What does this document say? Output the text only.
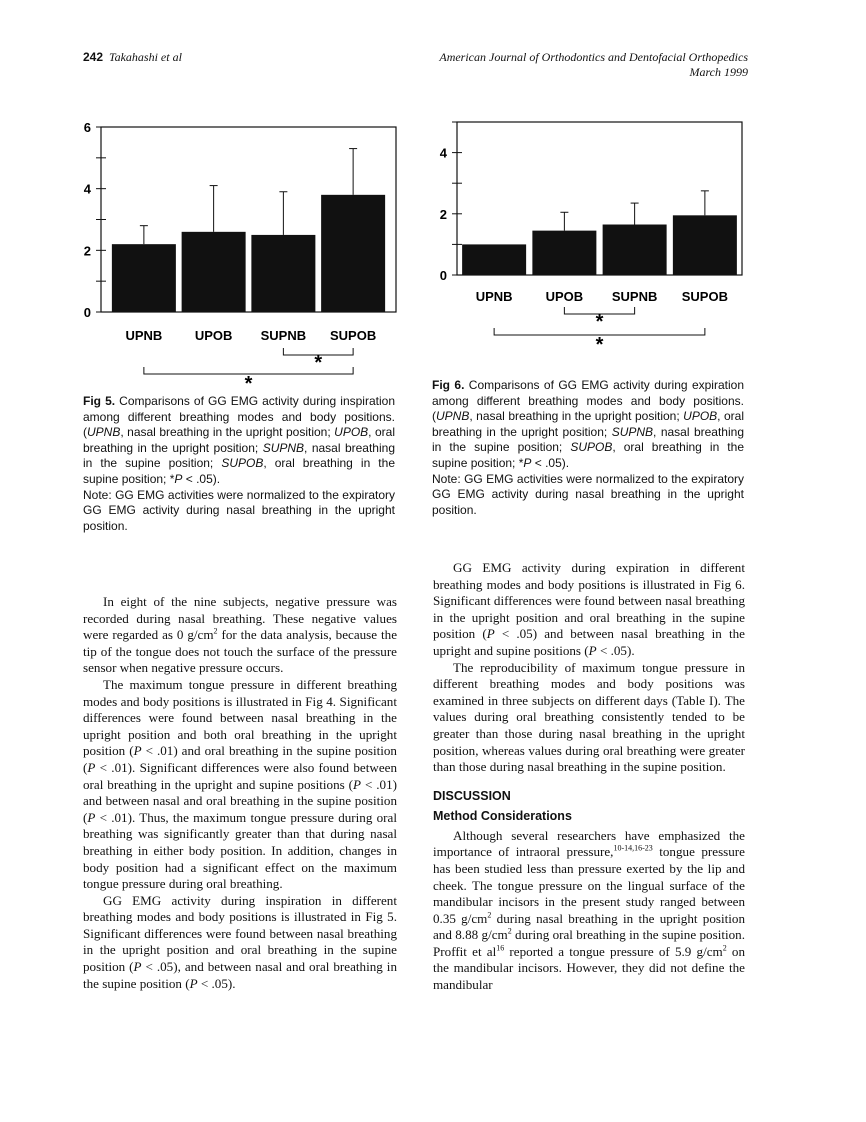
242 Takahashi et al	American Journal of Orthodontics and Dentofacial Orthopedics
March 1999
0
2
4
6
UPNB	UPOB SUPNB SUPOB
*
*
0
2
4
UPNB	UPOB SUPNB SUPOB
*
*
Fig 5. Comparisons of GG EMG activity during inspiration among different breathing modes and body positions. (UPNB, nasal breathing in the upright position; UPOB, oral breathing in the upright position; SUPNB, nasal breathing in the supine position; SUPOB, oral breathing in the supine position; *P < .05).
Note: GG EMG activities were normalized to the expiratory GG EMG activity during nasal breathing in the upright position.
Fig 6. Comparisons of GG EMG activity during expiration among different breathing modes and body positions. (UPNB, nasal breathing in the upright position; UPOB, oral breathing in the upright position; SUPNB, nasal breathing in the supine position; SUPOB, oral breathing in the supine position; *P < .05).
Note: GG EMG activities were normalized to the expiratory GG EMG activity during nasal breathing in the upright position.

In eight of the nine subjects, negative pressure was recorded during nasal breathing. These negative values were regarded as 0 $g/cm^2$ for the data analysis, because the tip of the tongue does not touch the surface of the pressure sensor when negative pressure occurs.

The maximum tongue pressure in different breathing modes and body positions is illustrated in Fig 4. Significant differences were found between nasal breathing in the upright position and both oral breathing in the upright position (P < .01) and oral breathing in the supine position (P < .01). Significant differences were also found between oral breathing in the upright and supine positions (P < .01) and between nasal and oral breathing in the supine position (P < .01). Thus, the maximum tongue pressure during oral breathing was significantly greater than that during nasal breathing in either body position. In addition, changes in body position had a significant effect on the maximum tongue pressure during oral breathing.

GG EMG activity during inspiration in different breathing modes and body positions is illustrated in Fig 5. Significant differences were found between nasal breathing in the upright position and oral breathing in the supine position (P < .05), and between nasal and oral breathing in the supine position (P < .05).

GG EMG activity during expiration in different breathing modes and body positions is illustrated in Fig 6. Significant differences were found between nasal breathing in the upright position and oral breathing in the supine position (P < .05) and between nasal breathing in the upright and supine positions (P < .05).

The reproducibility of maximum tongue pressure in different breathing modes and body positions was examined in three subjects on different days (Table I). The values during oral breathing consistently tended to be greater than those during nasal breathing in the upright position, whereas values during oral breathing were greater than those during nasal breathing in the supine position.

DISCUSSION
Method Considerations

Although several researchers have emphasized the importance of intraoral pressure,$^{10-14,16-23}$ tongue pressure has been studied less than pressure exerted by the lip and cheek. The tongue pressure on the lingual surface of the mandibular incisors in the present study ranged between 0.35 $g/cm^2$ during nasal breathing in the upright position and 8.88 $g/cm^2$ during oral breathing in the supine position. Proffit et $al^{16}$ reported a tongue pressure of 5.9 $g/cm^2$ on the mandibular incisors. However, they did not define the mandibular
